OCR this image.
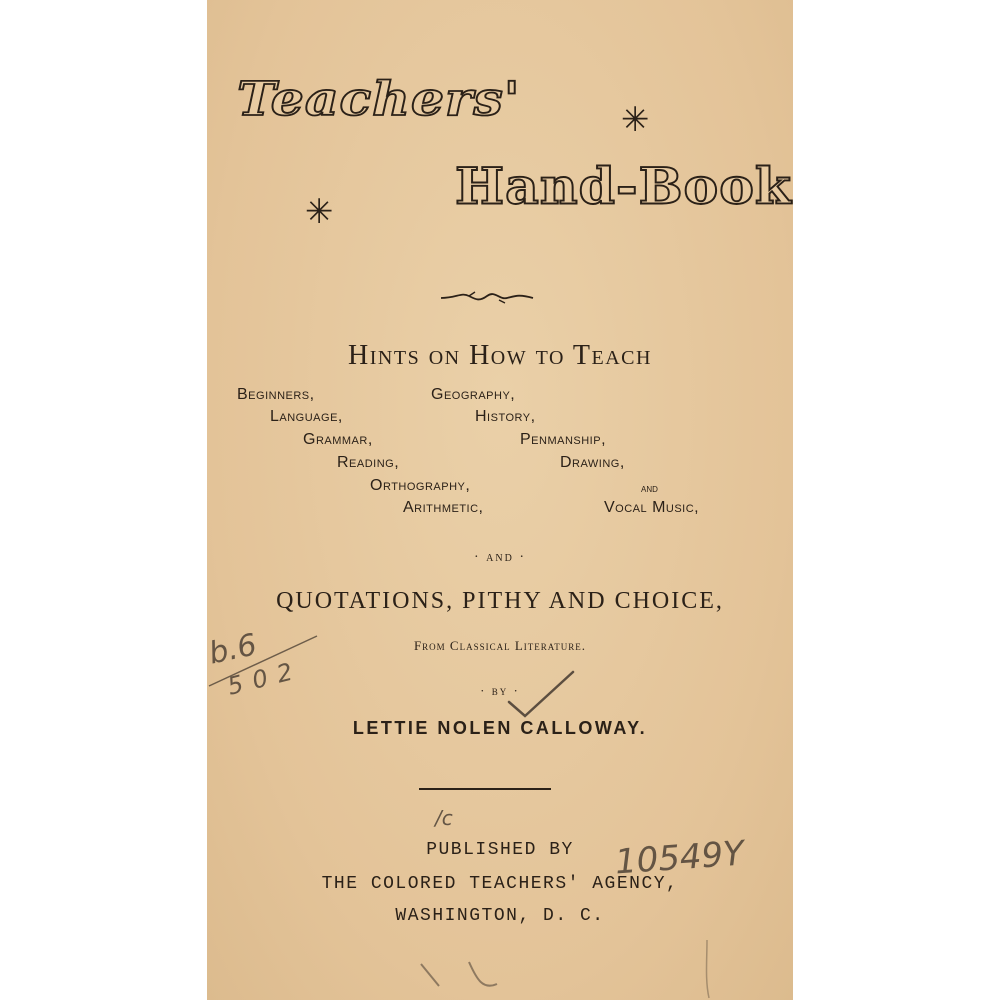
Teachers'	✳
✳ Hand-Book
Hints on How to Teach
Beginners,
Language,
Grammar,
Reading,
Orthography,
Arithmetic,
Geography,
History,
Penmanship,
Drawing,
and
Vocal Music,
· and ·
QUOTATIONS, PITHY AND CHOICE,
From Classical Literature.
· by ·
LETTIE NOLEN CALLOWAY.
PUBLISHED BY
THE COLORED TEACHERS' AGENCY,
WASHINGTON, D. C.
b.6
502
/c
10549Y
